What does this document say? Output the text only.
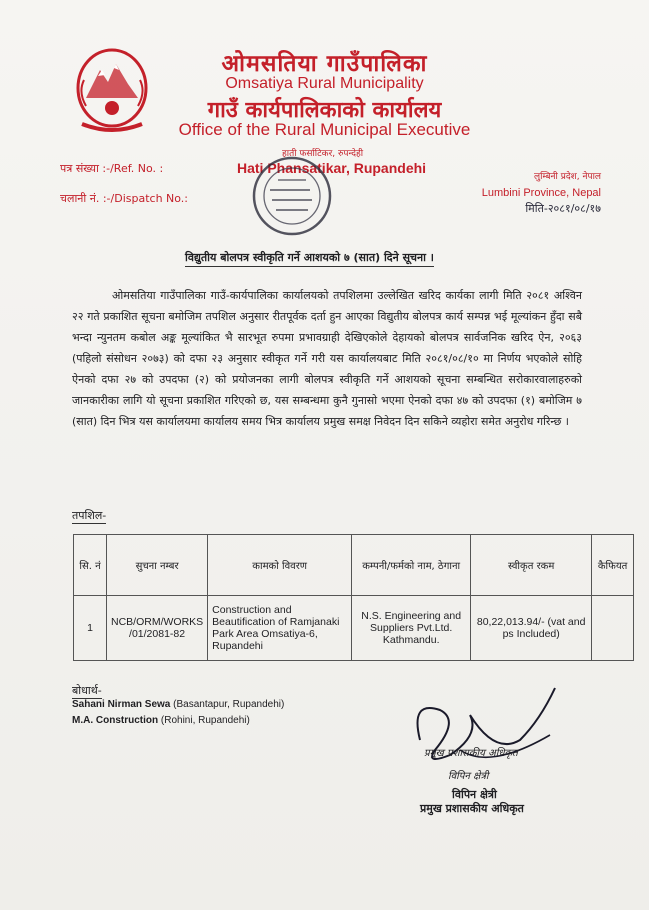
ओमसतिया गाउँपालिका
Omsatiya Rural Municipality
गाउँ कार्यपालिकाको कार्यालय
Office of the Rural Municipal Executive
हाती फर्साटिकर, रुपन्देही
Hati Phansatikar, Rupandehi
पत्र संख्या :-/Ref. No. :
चलानी नं. :-/Dispatch No.:
लुम्बिनी प्रदेश, नेपाल
Lumbini Province, Nepal
मिति-२०८१/०८/१७
विद्युतीय बोलपत्र स्वीकृति गर्ने आशयको ७ (सात) दिने सूचना ।
ओमसतिया गाउँपालिका गाउँ-कार्यपालिका कार्यालयको तपशिलमा उल्लेखित खरिद कार्यका लागी मिति २०८१ अश्विन २२ गते प्रकाशित सूचना बमोजिम तपशिल अनुसार रीतपूर्वक दर्ता हुन आएका विद्युतीय बोलपत्र कार्य सम्पन्न भई मूल्यांकन हुँदा सबै भन्दा न्युनतम कबोल अङ्क मूल्यांकित भै सारभूत रुपमा प्रभावग्राही देखिएकोले देहायको बोलपत्र सार्वजनिक खरिद ऐन, २०६३ (पहिलो संसोधन २०७३) को दफा २३ अनुसार स्वीकृत गर्ने गरी यस कार्यालयबाट मिति २०८१/०८/१० मा निर्णय भएकोले सोहि ऐनको दफा २७ को उपदफा (२) को प्रयोजनका लागी बोलपत्र स्वीकृति गर्ने आशयको सूचना सम्बन्धित सरोकारवालाहरुको जानकारीका लागि यो सूचना प्रकाशित गरिएको छ, यस सम्बन्धमा कुनै गुनासो भएमा ऐनको दफा ४७ को उपदफा (१) बमोजिम ७ (सात) दिन भित्र यस कार्यालयमा कार्यालय समय भित्र कार्यालय प्रमुख समक्ष निवेदन दिन सकिने व्यहोरा समेत अनुरोध गरिन्छ ।
तपशिल-
सि. नं	सुचना नम्बर	कामको विवरण	कम्पनी/फर्मको नाम, ठेगाना	स्वीकृत रकम	कैफियत
1	NCB/ORM/WORKS /01/2081-82	Construction and Beautification of Ramjanaki Park Area Omsatiya-6, Rupandehi	N.S. Engineering and Suppliers Pvt.Ltd. Kathmandu.	80,22,013.94/- (vat and ps Included)	
बोधार्थ-
Sahani Nirman Sewa (Basantapur, Rupandehi)
M.A. Construction (Rohini, Rupandehi)
प्रमुख प्रशासकीय अधिकृत
विपिन क्षेत्री
विपिन क्षेत्री
प्रमुख प्रशासकीय अधिकृत
